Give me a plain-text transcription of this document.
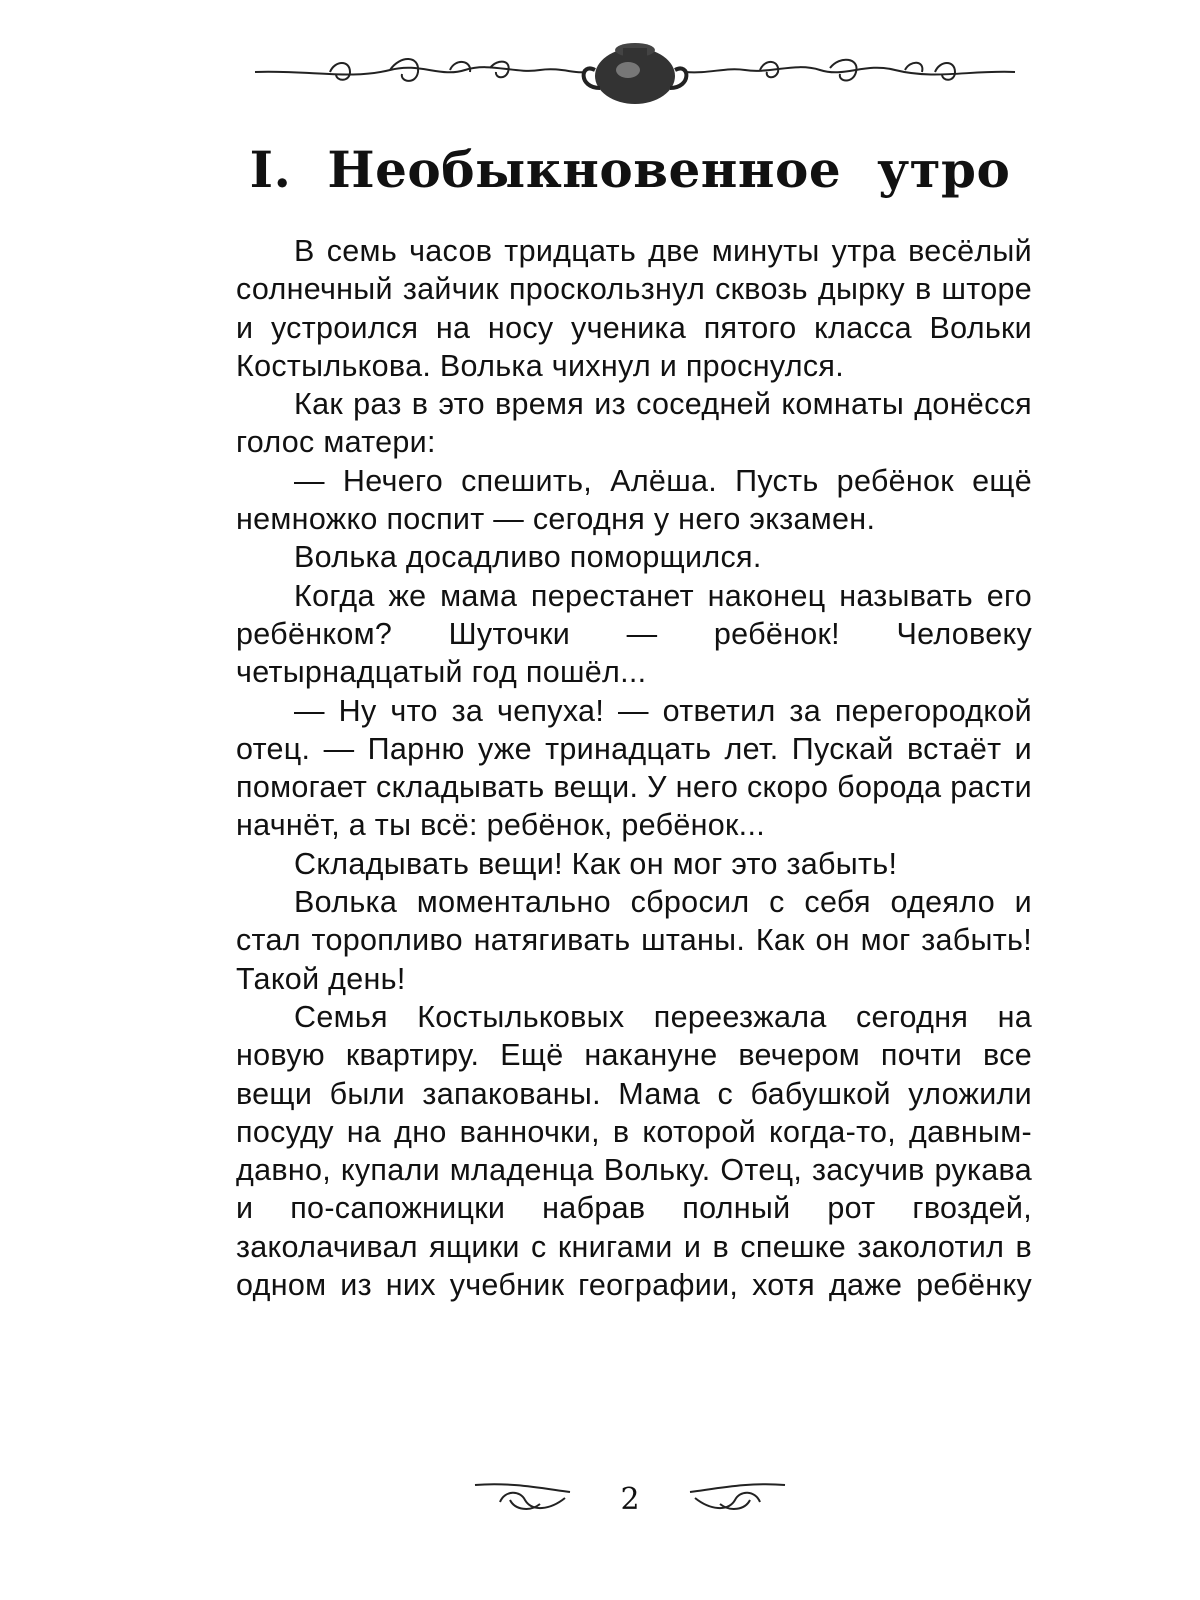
I. Необыкновенное утро

В семь часов тридцать две минуты утра весёлый солнечный зайчик проскользнул сквозь дырку в шторе и устроился на носу ученика пятого класса Вольки Костылькова. Волька чихнул и проснулся.

Как раз в это время из соседней комнаты донёсся голос матери:

— Нечего спешить, Алёша. Пусть ребёнок ещё немножко поспит — сегодня у него экзамен.

Волька досадливо поморщился.

Когда же мама перестанет наконец называть его ребёнком? Шуточки — ребёнок! Человеку четырнадцатый год пошёл...

— Ну что за чепуха! — ответил за перегородкой отец. — Парню уже тринадцать лет. Пускай встаёт и помогает складывать вещи. У него скоро борода расти начнёт, а ты всё: ребёнок, ребёнок...

Складывать вещи! Как он мог это забыть!

Волька моментально сбросил с себя одеяло и стал торопливо натягивать штаны. Как он мог забыть! Такой день!

Семья Костыльковых переезжала сегодня на новую квартиру. Ещё накануне вечером почти все вещи были запакованы. Мама с бабушкой уложили посуду на дно ванночки, в которой когда-то, давным-давно, купали младенца Вольку. Отец, засучив рукава и по-сапожницки набрав полный рот гвоздей, заколачивал ящики с книгами и в спешке заколотил в одном из них учебник географии, хотя даже ребёнку

2
